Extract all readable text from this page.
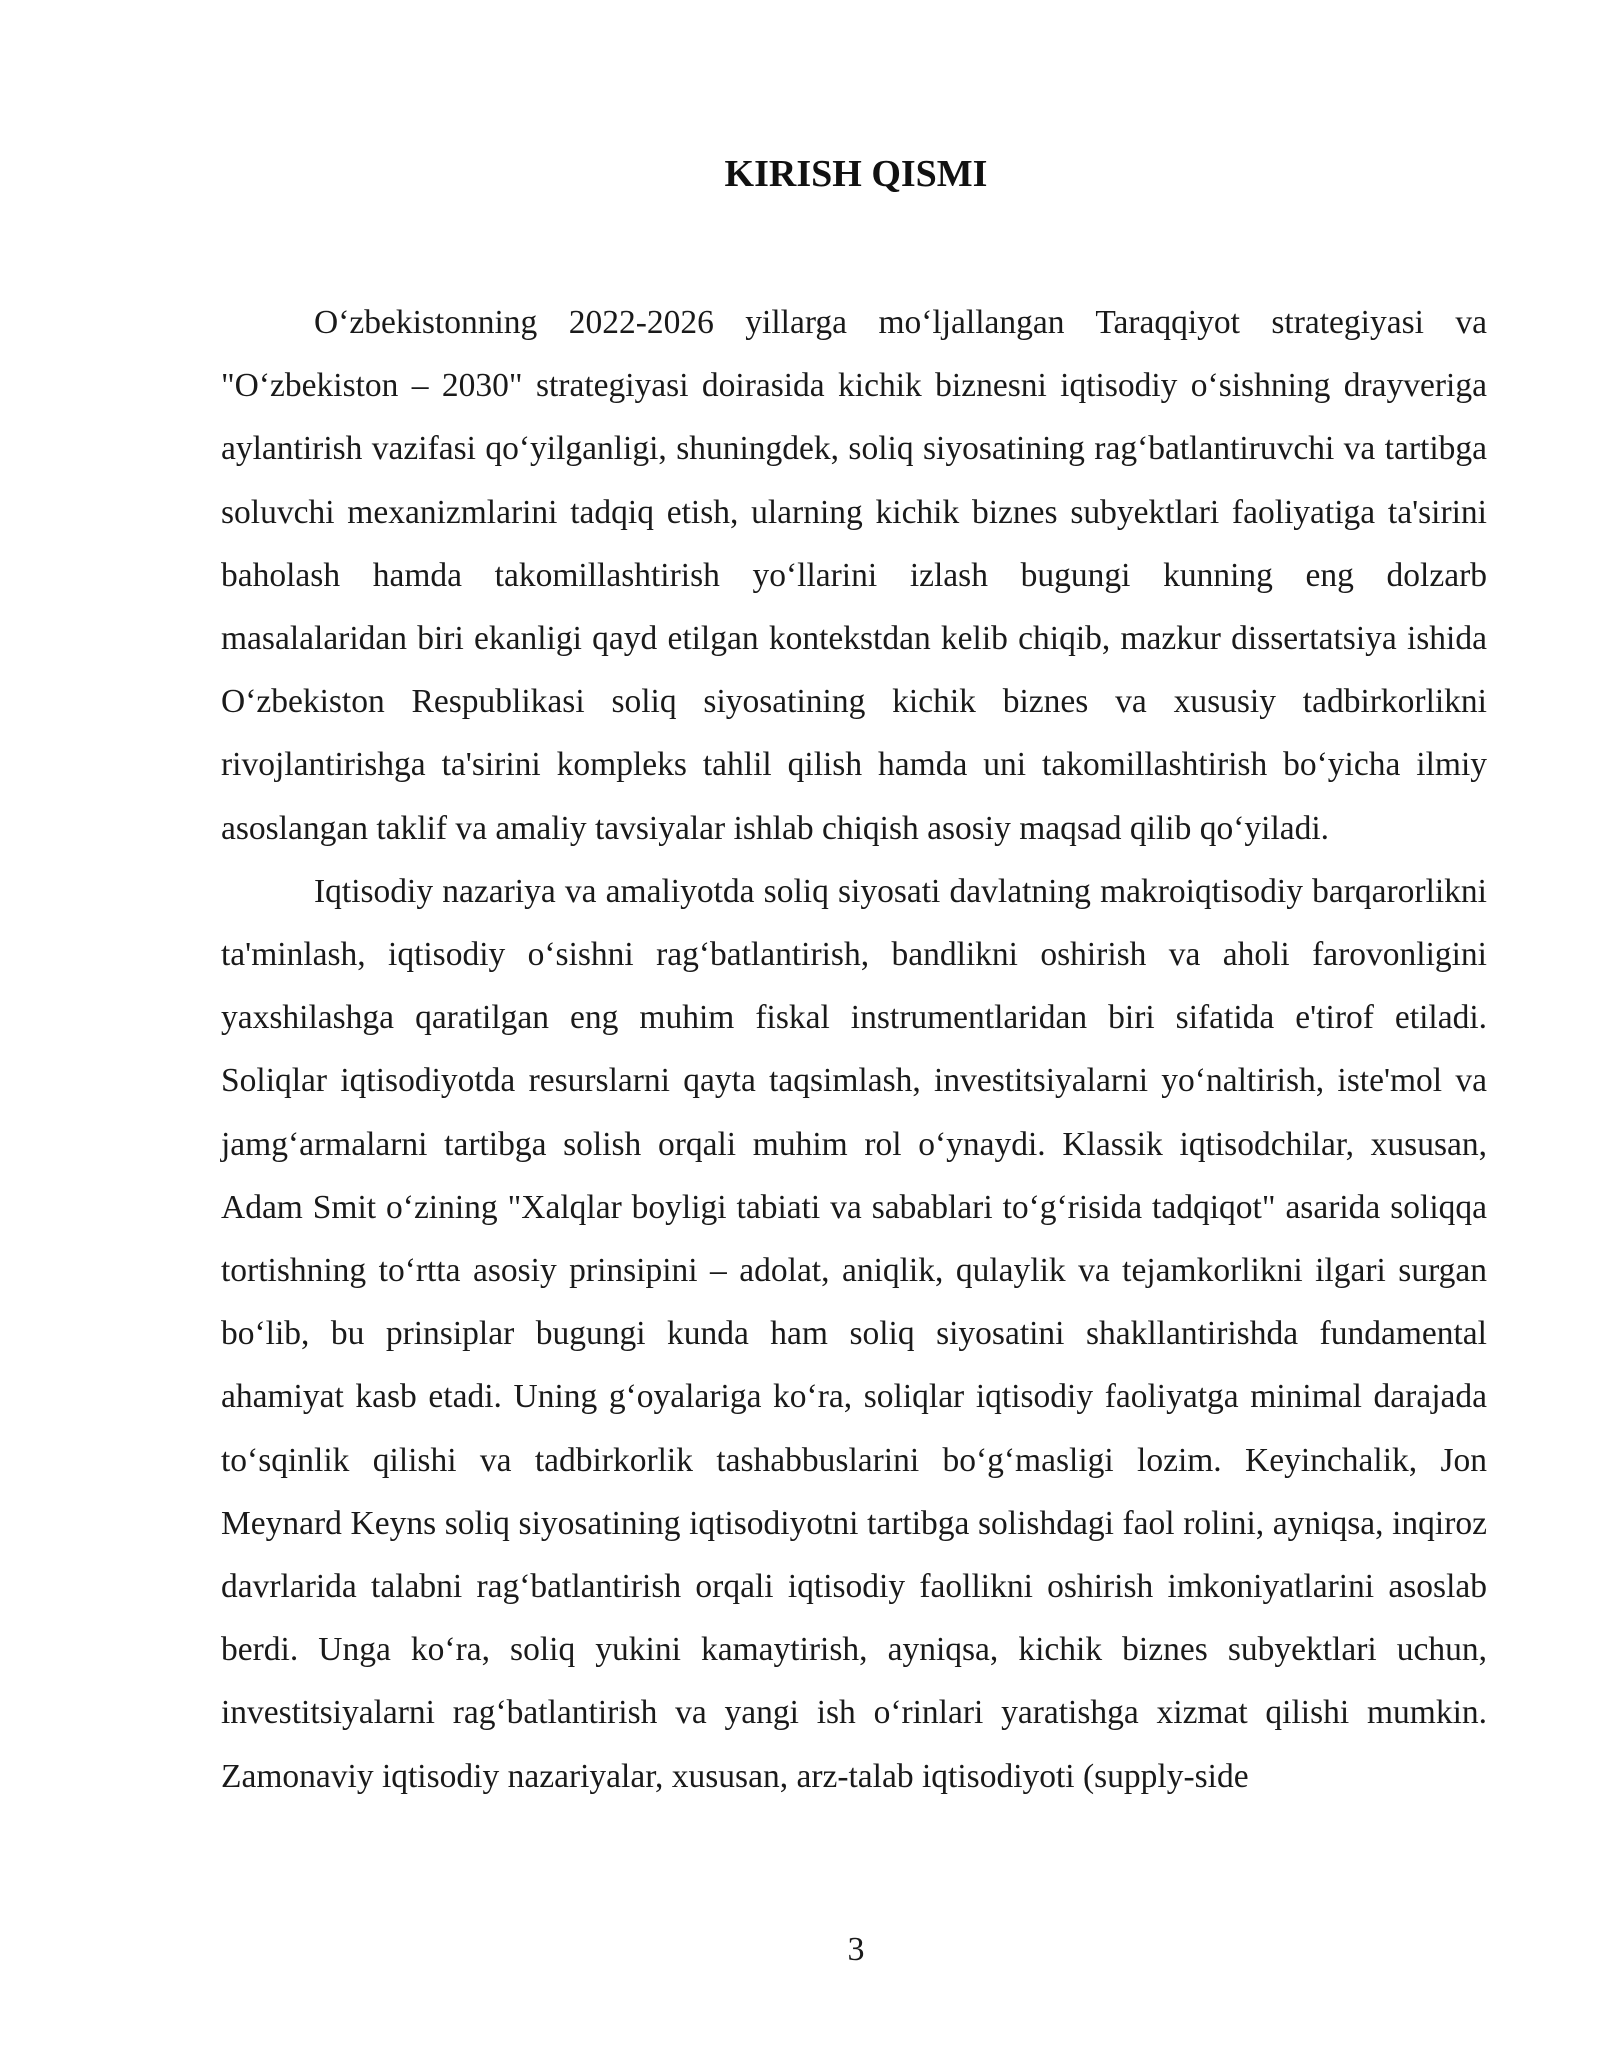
KIRISH QISMI

O‘zbekistonning 2022-2026 yillarga mo‘ljallangan Taraqqiyot strategiyasi va "O‘zbekiston – 2030" strategiyasi doirasida kichik biznesni iqtisodiy o‘sishning drayveriga aylantirish vazifasi qo‘yilganligi, shuningdek, soliq siyosatining rag‘batlantiruvchi va tartibga soluvchi mexanizmlarini tadqiq etish, ularning kichik biznes subyektlari faoliyatiga ta'sirini baholash hamda takomillashtirish yo‘llarini izlash bugungi kunning eng dolzarb masalalaridan biri ekanligi qayd etilgan kontekstdan kelib chiqib, mazkur dissertatsiya ishida O‘zbekiston Respublikasi soliq siyosatining kichik biznes va xususiy tadbirkorlikni rivojlantirishga ta'sirini kompleks tahlil qilish hamda uni takomillashtirish bo‘yicha ilmiy asoslangan taklif va amaliy tavsiyalar ishlab chiqish asosiy maqsad qilib qo‘yiladi.

Iqtisodiy nazariya va amaliyotda soliq siyosati davlatning makroiqtisodiy barqarorlikni ta'minlash, iqtisodiy o‘sishni rag‘batlantirish, bandlikni oshirish va aholi farovonligini yaxshilashga qaratilgan eng muhim fiskal instrumentlaridan biri sifatida e'tirof etiladi. Soliqlar iqtisodiyotda resurslarni qayta taqsimlash, investitsiyalarni yo‘naltirish, iste'mol va jamg‘armalarni tartibga solish orqali muhim rol o‘ynaydi. Klassik iqtisodchilar, xususan, Adam Smit o‘zining "Xalqlar boyligi tabiati va sabablari to‘g‘risida tadqiqot" asarida soliqqa tortishning to‘rtta asosiy prinsipini – adolat, aniqlik, qulaylik va tejamkorlikni ilgari surgan bo‘lib, bu prinsiplar bugungi kunda ham soliq siyosatini shakllantirishda fundamental ahamiyat kasb etadi. Uning g‘oyalariga ko‘ra, soliqlar iqtisodiy faoliyatga minimal darajada to‘sqinlik qilishi va tadbirkorlik tashabbuslarini bo‘g‘masligi lozim. Keyinchalik, Jon Meynard Keyns soliq siyosatining iqtisodiyotni tartibga solishdagi faol rolini, ayniqsa, inqiroz davrlarida talabni rag‘batlantirish orqali iqtisodiy faollikni oshirish imkoniyatlarini asoslab berdi. Unga ko‘ra, soliq yukini kamaytirish, ayniqsa, kichik biznes subyektlari uchun, investitsiyalarni rag‘batlantirish va yangi ish o‘rinlari yaratishga xizmat qilishi mumkin. Zamonaviy iqtisodiy nazariyalar, xususan, arz-talab iqtisodiyoti (supply-side

3
